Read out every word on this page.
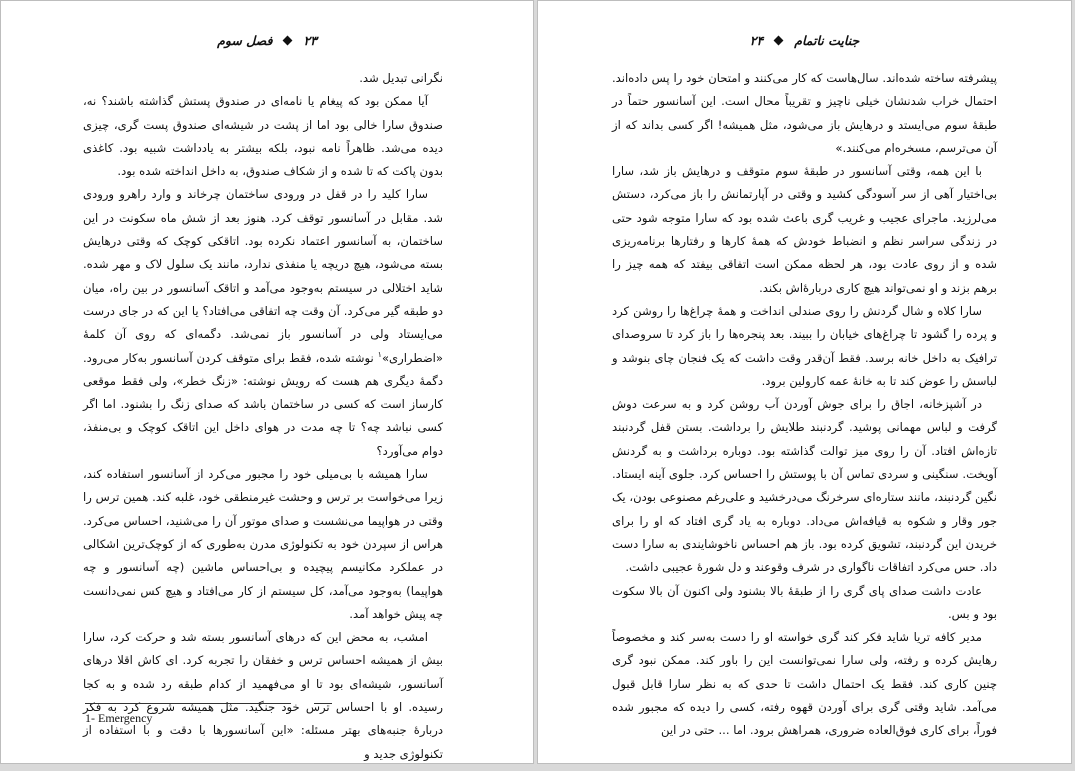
۲۳فصل سوم

نگرانی تبدیل شد.

آیا ممکن بود که پیغام یا نامه‌ای در صندوق پستش گذاشته باشند؟ نه، صندوق سارا خالی بود اما از پشت در شیشه‌ای صندوق پست گری، چیزی دیده می‌شد. ظاهراً نامه نبود، بلکه بیشتر به یادداشت شبیه بود. کاغذی بدون پاکت که تا شده و از شکاف صندوق، به داخل انداخته شده بود.

سارا کلید را در قفل در ورودی ساختمان چرخاند و وارد راهرو ورودی شد. مقابل در آسانسور توقف کرد. هنوز بعد از شش ماه سکونت در این ساختمان، به آسانسور اعتماد نکرده بود. اتاقکی کوچک که وقتی درهایش بسته می‌شود، هیچ دریچه یا منفذی ندارد، مانند یک سلول لاک و مهر شده. شاید اختلالی در سیستم به‌وجود می‌آمد و اتاقک آسانسور در بین راه، میان دو طبقه گیر می‌کرد. آن وقت چه اتفاقی می‌افتاد؟ یا این که در جای درست می‌ایستاد ولی در آسانسور باز نمی‌شد. دگمه‌ای که روی آن کلمهٔ «اضطراری»$^۱$ نوشته شده، فقط برای متوقف کردن آسانسور به‌کار می‌رود. دگمهٔ دیگری هم هست که رویش نوشته: «زنگ خطر»، ولی فقط موقعی کارساز است که کسی در ساختمان باشد که صدای زنگ را بشنود. اما اگر کسی نباشد چه؟ تا چه مدت در هوای داخل این اتاقک کوچک و بی‌منفذ، دوام می‌آورد؟

سارا همیشه با بی‌میلی خود را مجبور می‌کرد از آسانسور استفاده کند، زیرا می‌خواست بر ترس و وحشت غیرمنطقی خود، غلبه کند. همین ترس را وقتی در هواپیما می‌نشست و صدای موتور آن را می‌شنید، احساس می‌کرد. هراس از سپردن خود به تکنولوژی مدرن به‌طوری که از کوچک‌ترین اشکالی در عملکرد مکانیسم پیچیده و بی‌احساس ماشین (چه آسانسور و چه هواپیما) به‌وجود می‌آمد، کل سیستم از کار می‌افتاد و هیچ کس نمی‌دانست چه پیش خواهد آمد.

امشب، به محض این که درهای آسانسور بسته شد و حرکت کرد، سارا بیش از همیشه احساس ترس و خفقان را تجربه کرد. ای کاش اقلا درهای آسانسور، شیشه‌ای بود تا او می‌فهمید از کدام طبقه رد شده و به کجا رسیده. او با احساس ترس خود جنگید. مثل همیشه شروع کرد به فکر دربارهٔ جنبه‌های بهتر مسئله: «این آسانسورها با دقت و با استفاده از تکنولوژی جدید و

1- Emergency
جنایت ناتمام۲۴

پیشرفته ساخته شده‌اند. سال‌هاست که کار می‌کنند و امتحان خود را پس داده‌اند. احتمال خراب شدنشان خیلی ناچیز و تقریباً محال است. این آسانسور حتماً در طبقهٔ سوم می‌ایستد و درهایش باز می‌شود، مثل همیشه! اگر کسی بداند که از آن می‌ترسم، مسخره‌ام می‌کنند.»

با این همه، وقتی آسانسور در طبقهٔ سوم متوقف و درهایش باز شد، سارا بی‌اختیار آهی از سر آسودگی کشید و وقتی در آپارتمانش را باز می‌کرد، دستش می‌لرزید. ماجرای عجیب و غریب گری باعث شده بود که سارا متوجه شود حتی در زندگی سراسر نظم و انضباط خودش که همهٔ کارها و رفتارها برنامه‌ریزی شده و از روی عادت بود، هر لحظه ممکن است اتفاقی بیفتد که همه چیز را برهم بزند و او نمی‌تواند هیچ کاری دربارهٔ‌اش بکند.

سارا کلاه و شال گردنش را روی صندلی انداخت و همهٔ چراغ‌ها را روشن کرد و پرده را گشود تا چراغ‌های خیابان را ببیند. بعد پنجره‌ها را باز کرد تا سروصدای ترافیک به داخل خانه برسد. فقط آن‌قدر وقت داشت که یک فنجان چای بنوشد و لباسش را عوض کند تا به خانهٔ عمه کارولین برود.

در آشپزخانه، اجاق را برای جوش آوردن آب روشن کرد و به سرعت دوش گرفت و لباس مهمانی پوشید. گردنبند طلایش را برداشت. بستن قفل گردنبند تازه‌اش افتاد. آن را روی میز توالت گذاشته بود. دوباره برداشت و به گردنش آویخت. سنگینی و سردی تماس آن با پوستش را احساس کرد. جلوی آینه ایستاد. نگین گردنبند، مانند ستاره‌ای سرخرنگ می‌درخشید و علی‌رغم مصنوعی بودن، یک جور وقار و شکوه به قیافه‌اش می‌داد. دوباره به یاد گری افتاد که او را برای خریدن این گردنبند، تشویق کرده بود. باز هم احساس ناخوشایندی به سارا دست داد. حس می‌کرد اتفاقات ناگواری در شرف وقوعند و دل شورهٔ عجیبی داشت.

عادت داشت صدای پای گری را از طبقهٔ بالا بشنود ولی اکنون آن بالا سکوت بود و بس.

مدیر کافه تریا شاید فکر کند گری خواسته او را دست به‌سر کند و مخصوصاً رهایش کرده و رفته، ولی سارا نمی‌توانست این را باور کند. ممکن نبود گری چنین کاری کند. فقط یک احتمال داشت تا حدی که به نظر سارا قابل قبول می‌آمد. شاید وقتی گری برای آوردن قهوه رفته، کسی را دیده که مجبور شده فوراً، برای کاری فوق‌العاده ضروری، همراهش برود. اما ... حتی در این
